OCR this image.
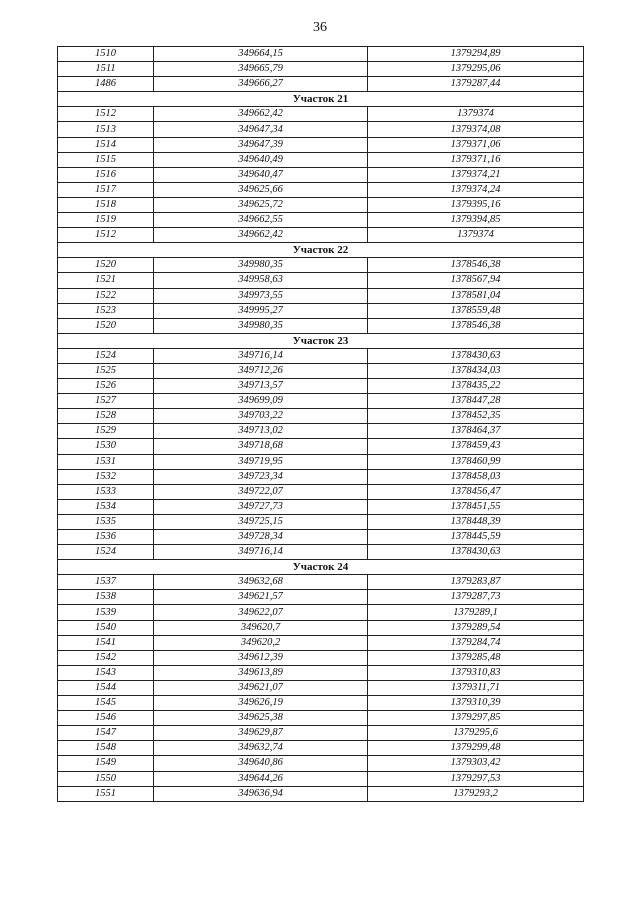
36
1510	349664,15	1379294,89
1511	349665,79	1379295,06
1486	349666,27	1379287,44
Участок 21		
1512	349662,42	1379374
1513	349647,34	1379374,08
1514	349647,39	1379371,06
1515	349640,49	1379371,16
1516	349640,47	1379374,21
1517	349625,66	1379374,24
1518	349625,72	1379395,16
1519	349662,55	1379394,85
1512	349662,42	1379374
Участок 22		
1520	349980,35	1378546,38
1521	349958,63	1378567,94
1522	349973,55	1378581,04
1523	349995,27	1378559,48
1520	349980,35	1378546,38
Участок 23		
1524	349716,14	1378430,63
1525	349712,26	1378434,03
1526	349713,57	1378435,22
1527	349699,09	1378447,28
1528	349703,22	1378452,35
1529	349713,02	1378464,37
1530	349718,68	1378459,43
1531	349719,95	1378460,99
1532	349723,34	1378458,03
1533	349722,07	1378456,47
1534	349727,73	1378451,55
1535	349725,15	1378448,39
1536	349728,34	1378445,59
1524	349716,14	1378430,63
Участок 24		
1537	349632,68	1379283,87
1538	349621,57	1379287,73
1539	349622,07	1379289,1
1540	349620,7	1379289,54
1541	349620,2	1379284,74
1542	349612,39	1379285,48
1543	349613,89	1379310,83
1544	349621,07	1379311,71
1545	349626,19	1379310,39
1546	349625,38	1379297,85
1547	349629,87	1379295,6
1548	349632,74	1379299,48
1549	349640,86	1379303,42
1550	349644,26	1379297,53
1551	349636,94	1379293,2
